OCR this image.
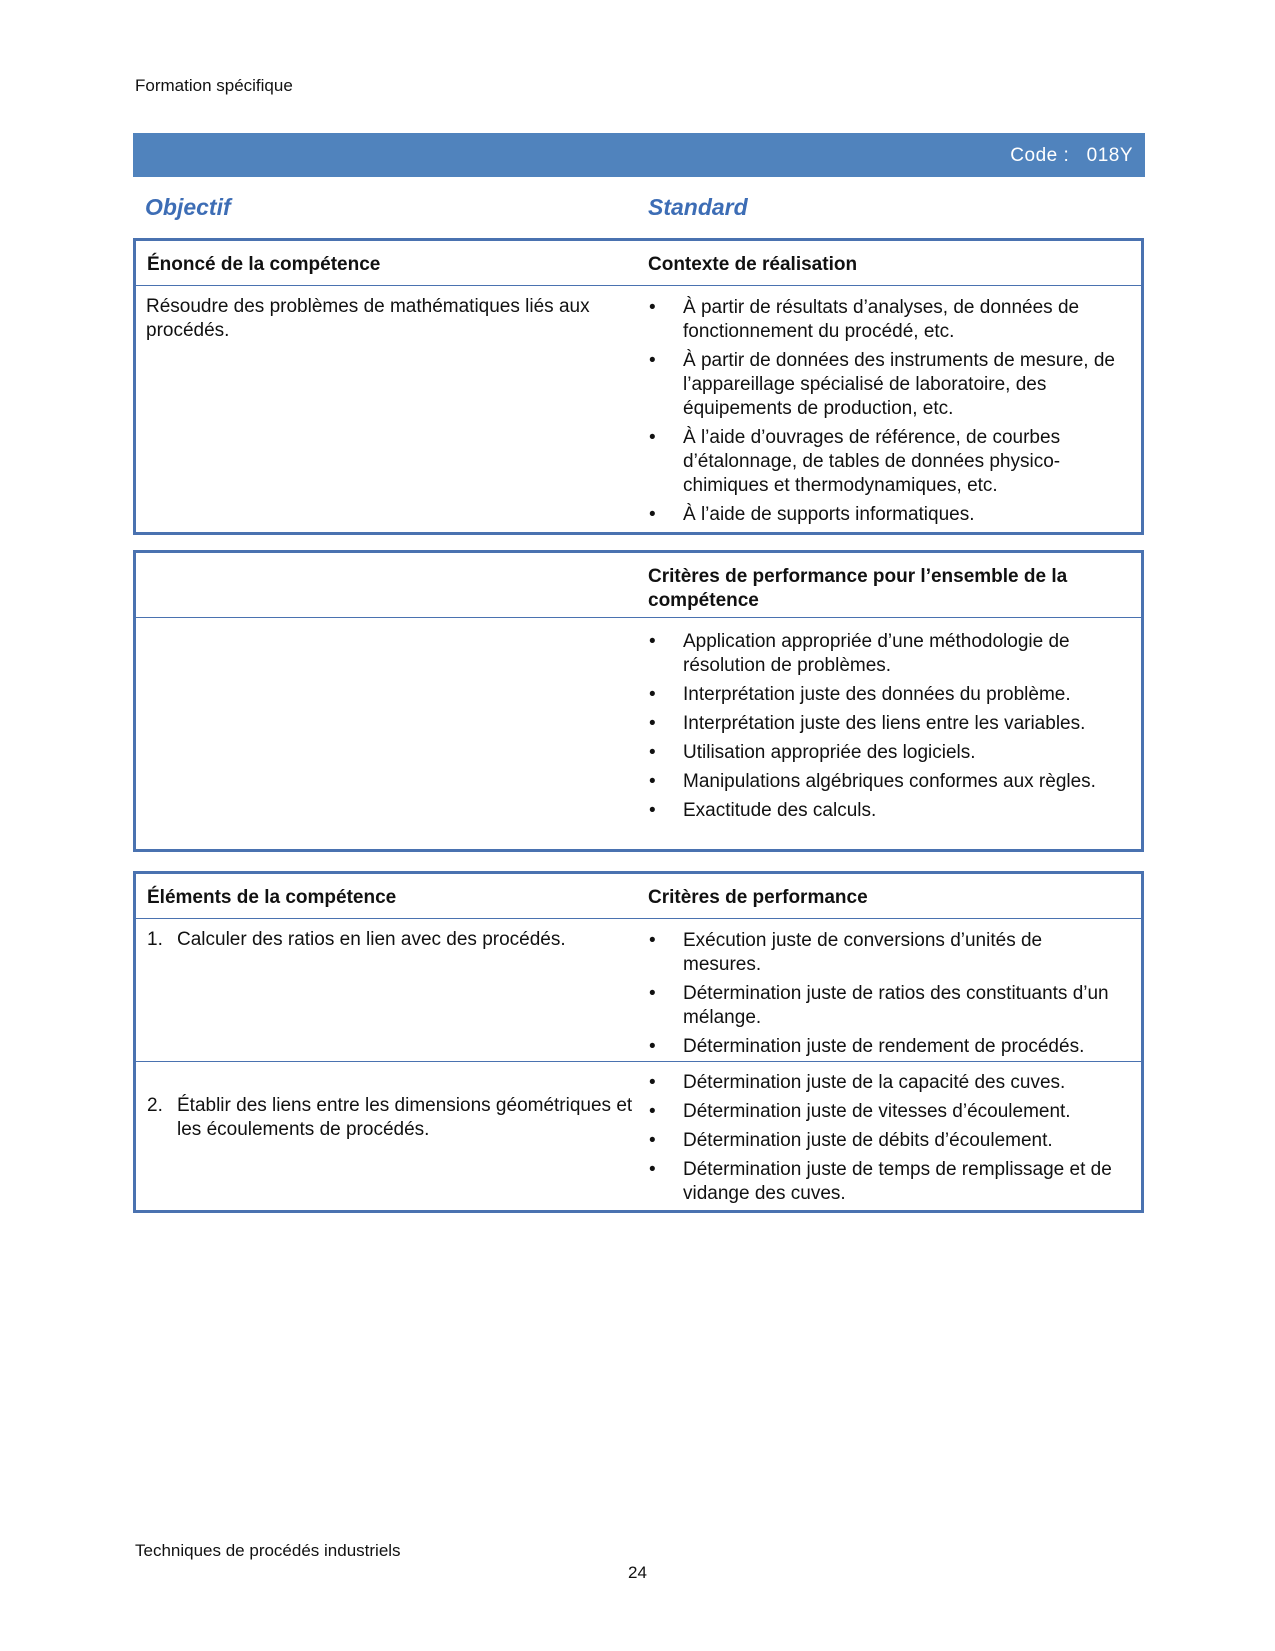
Formation spécifique
Code : 018Y
Objectif	Standard
Énoncé de la compétence	Contexte de réalisation
Résoudre des problèmes de mathématiques liés aux procédés.
• À partir de résultats d’analyses, de données de fonctionnement du procédé, etc.
• À partir de données des instruments de mesure, de l’appareillage spécialisé de laboratoire, des équipements de production, etc.
• À l’aide d’ouvrages de référence, de courbes d’étalonnage, de tables de données physico-chimiques et thermodynamiques, etc.
• À l’aide de supports informatiques.
Critères de performance pour l’ensemble de la compétence
• Application appropriée d’une méthodologie de résolution de problèmes.
• Interprétation juste des données du problème.
• Interprétation juste des liens entre les variables.
• Utilisation appropriée des logiciels.
• Manipulations algébriques conformes aux règles.
• Exactitude des calculs.
Éléments de la compétence	Critères de performance
1. Calculer des ratios en lien avec des procédés.
•	Exécution juste de conversions d’unités de mesures.
• Détermination juste de ratios des constituants d’un mélange.
• Détermination juste de rendement de procédés.
2. Établir des liens entre les dimensions géométriques et les écoulements de procédés.
• Détermination juste de la capacité des cuves.
• Détermination juste de vitesses d’écoulement.
• Détermination juste de débits d’écoulement.
• Détermination juste de temps de remplissage et de vidange des cuves.
Techniques de procédés industriels
24
